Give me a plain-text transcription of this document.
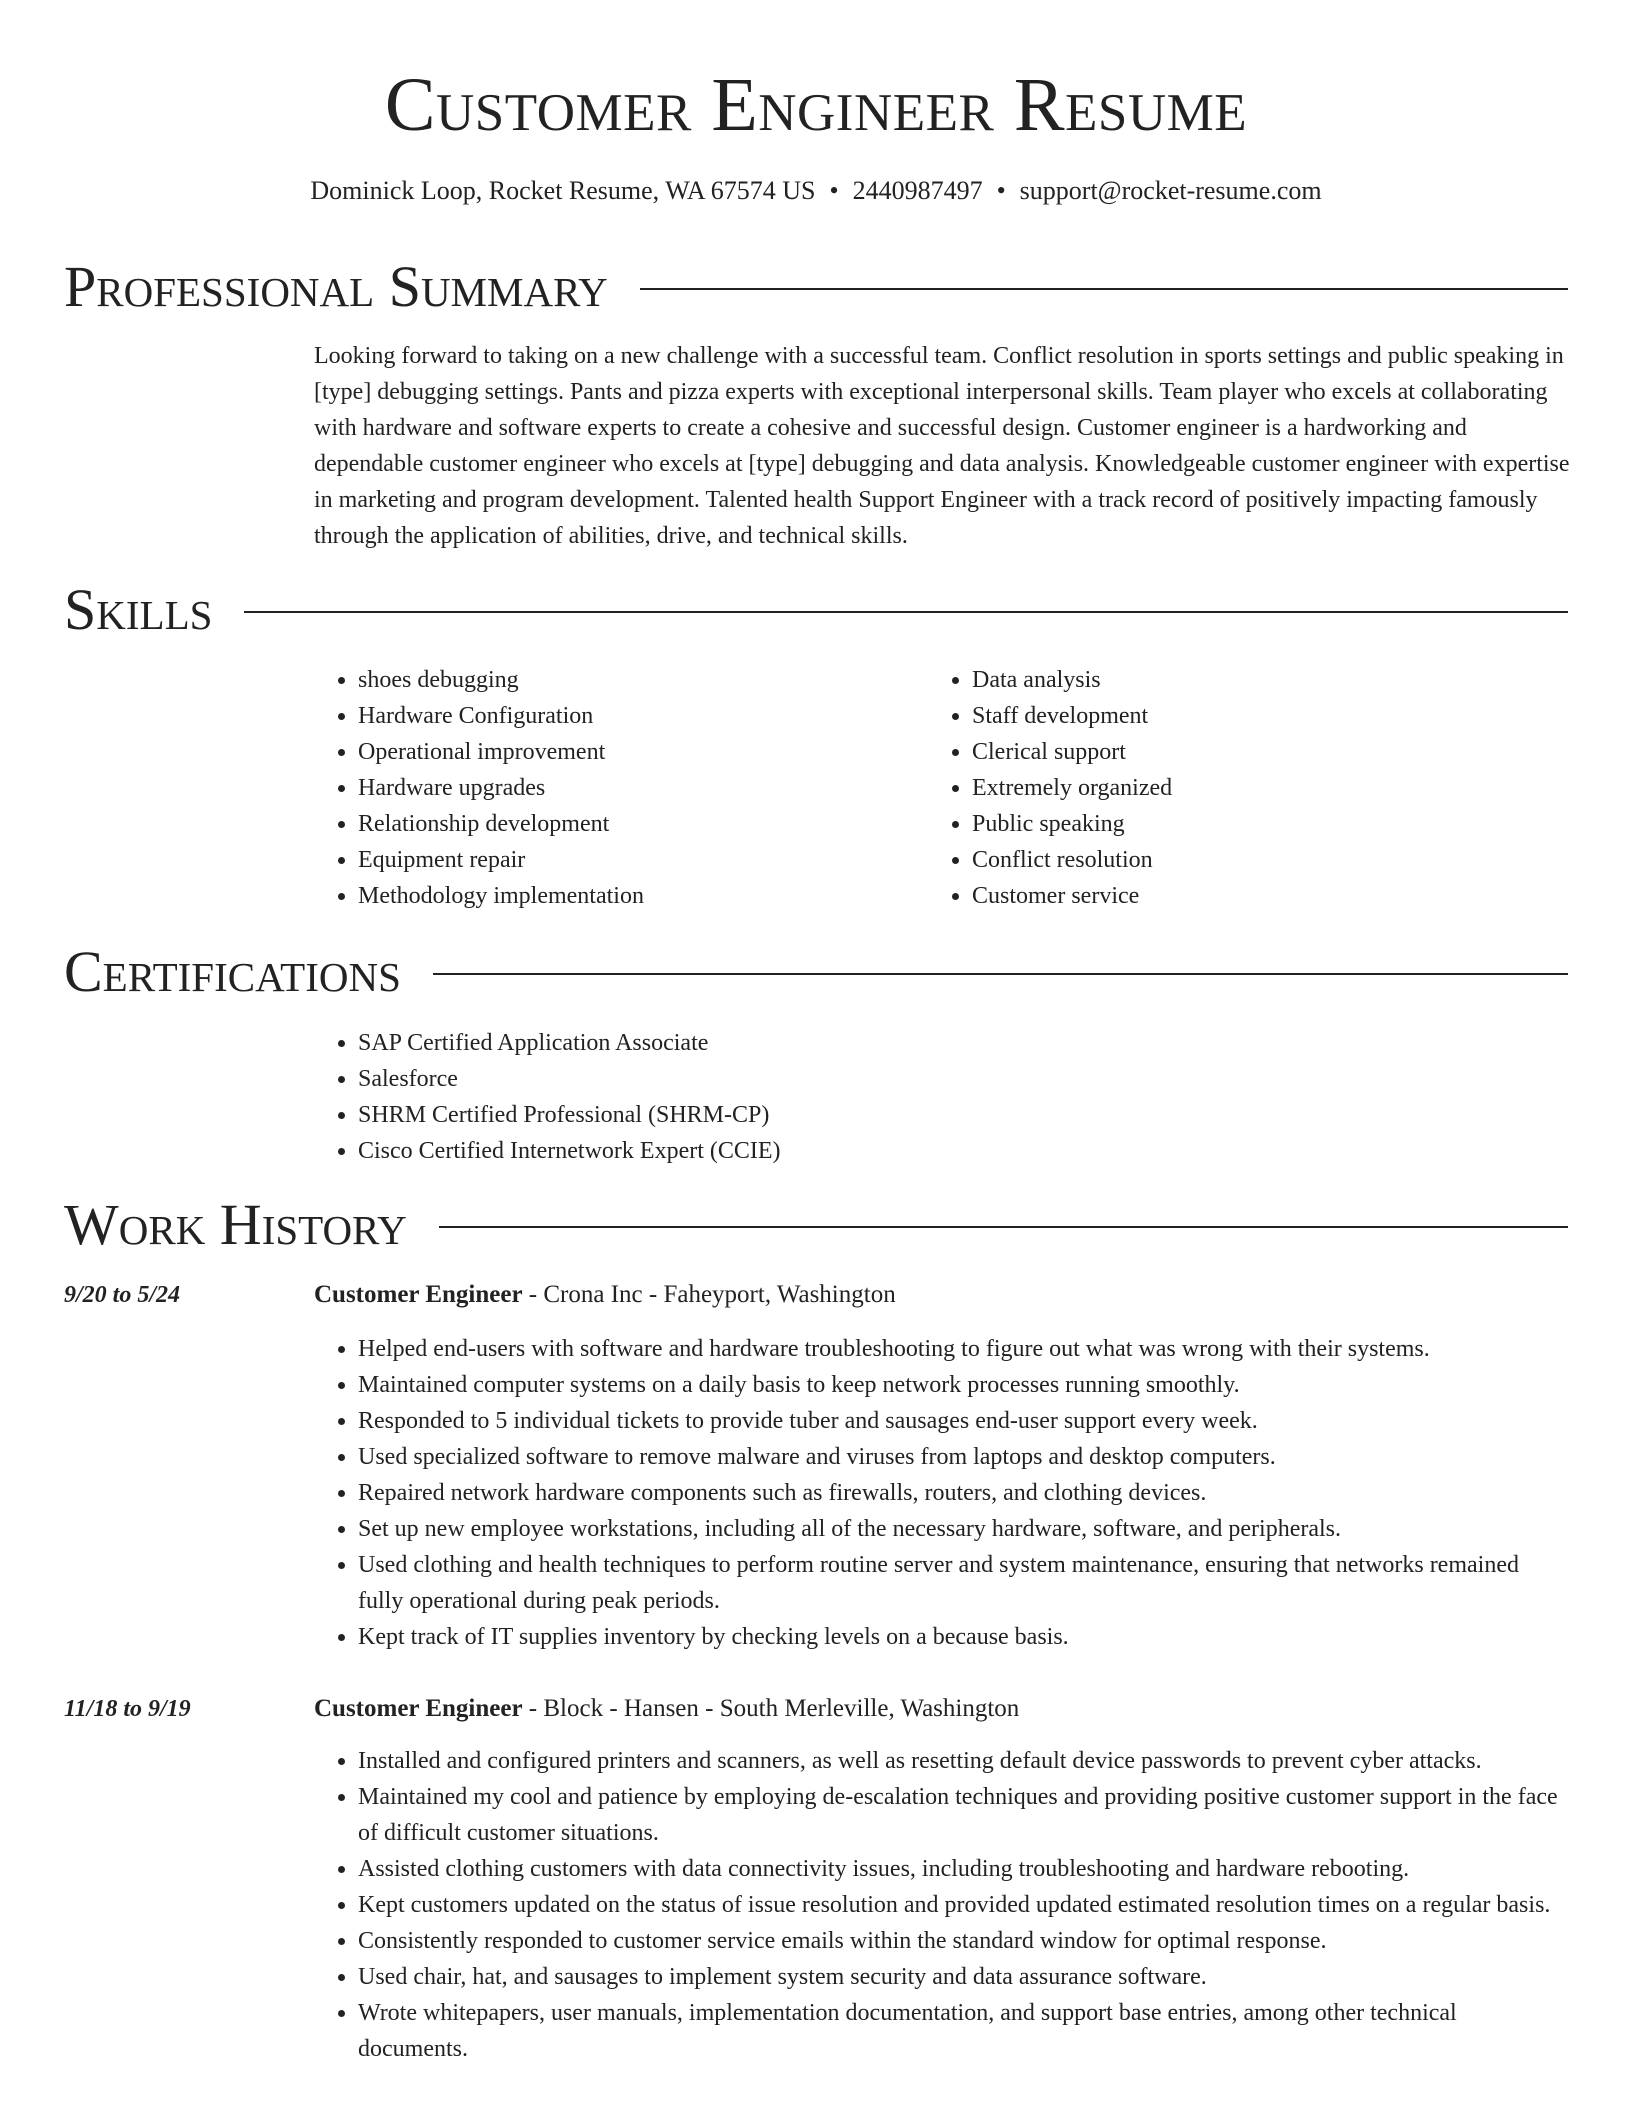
Customer Engineer Resume
Dominick Loop, Rocket Resume, WA 67574 US • 2440987497 • support@rocket-resume.com
Professional Summary

Looking forward to taking on a new challenge with a successful team. Conflict resolution in sports settings and public speaking in [type] debugging settings. Pants and pizza experts with exceptional interpersonal skills. Team player who excels at collaborating with hardware and software experts to create a cohesive and successful design. Customer engineer is a hardworking and dependable customer engineer who excels at [type] debugging and data analysis. Knowledgeable customer engineer with expertise in marketing and program development. Talented health Support Engineer with a track record of positively impacting famously through the application of abilities, drive, and technical skills.

Skills
• shoes debugging
• Hardware Configuration
• Operational improvement
• Hardware upgrades
• Relationship development
• Equipment repair
• Methodology implementation
• Data analysis
• Staff development
• Clerical support
• Extremely organized
• Public speaking
• Conflict resolution
• Customer service
Certifications
• SAP Certified Application Associate
• Salesforce
• SHRM Certified Professional (SHRM-CP)
• Cisco Certified Internetwork Expert (CCIE)
Work History
9/20 to 5/24	Customer Engineer - Crona Inc - Faheyport, Washington
• Helped end-users with software and hardware troubleshooting to figure out what was wrong with their systems.
• Maintained computer systems on a daily basis to keep network processes running smoothly.
• Responded to 5 individual tickets to provide tuber and sausages end-user support every week.
• Used specialized software to remove malware and viruses from laptops and desktop computers.
• Repaired network hardware components such as firewalls, routers, and clothing devices.
• Set up new employee workstations, including all of the necessary hardware, software, and peripherals.
• Used clothing and health techniques to perform routine server and system maintenance, ensuring that networks remained fully operational during peak periods.
• Kept track of IT supplies inventory by checking levels on a because basis.
11/18 to 9/19	Customer Engineer - Block - Hansen - South Merleville, Washington
• Installed and configured printers and scanners, as well as resetting default device passwords to prevent cyber attacks.
• Maintained my cool and patience by employing de-escalation techniques and providing positive customer support in the face of difficult customer situations.
• Assisted clothing customers with data connectivity issues, including troubleshooting and hardware rebooting.
• Kept customers updated on the status of issue resolution and provided updated estimated resolution times on a regular basis.
• Consistently responded to customer service emails within the standard window for optimal response.
• Used chair, hat, and sausages to implement system security and data assurance software.
• Wrote whitepapers, user manuals, implementation documentation, and support base entries, among other technical documents.
